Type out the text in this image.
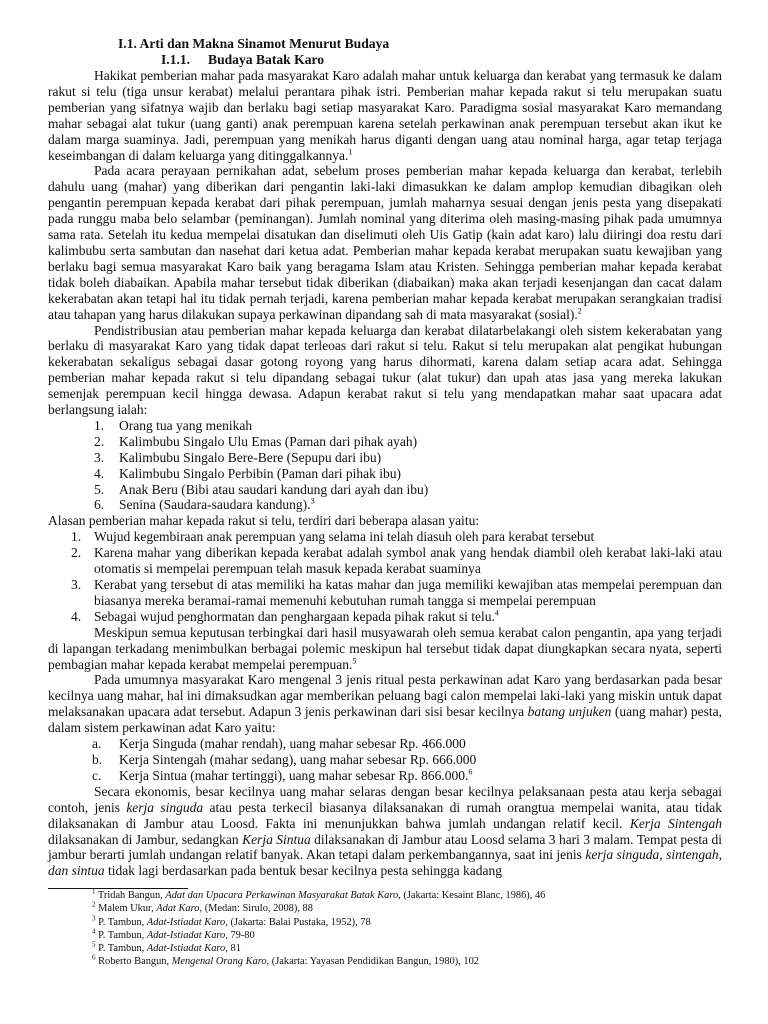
I.1. Arti dan Makna Sinamot Menurut Budaya
I.1.1. Budaya Batak Karo

Hakikat pemberian mahar pada masyarakat Karo adalah mahar untuk keluarga dan kerabat yang termasuk ke dalam rakut si telu (tiga unsur kerabat) melalui perantara pihak istri. Pemberian mahar kepada rakut si telu merupakan suatu pemberian yang sifatnya wajib dan berlaku bagi setiap masyarakat Karo. Paradigma sosial masyarakat Karo memandang mahar sebagai alat tukur (uang ganti) anak perempuan karena setelah perkawinan anak perempuan tersebut akan ikut ke dalam marga suaminya. Jadi, perempuan yang menikah harus diganti dengan uang atau nominal harga, agar tetap terjaga keseimbangan di dalam keluarga yang ditinggalkannya.$^1$

Pada acara perayaan pernikahan adat, sebelum proses pemberian mahar kepada keluarga dan kerabat, terlebih dahulu uang (mahar) yang diberikan dari pengantin laki-laki dimasukkan ke dalam amplop kemudian dibagikan oleh pengantin perempuan kepada kerabat dari pihak perempuan, jumlah maharnya sesuai dengan jenis pesta yang disepakati pada runggu maba belo selambar (peminangan). Jumlah nominal yang diterima oleh masing-masing pihak pada umumnya sama rata. Setelah itu kedua mempelai disatukan dan diselimuti oleh Uis Gatip (kain adat karo) lalu diiringi doa restu dari kalimbubu serta sambutan dan nasehat dari ketua adat. Pemberian mahar kepada kerabat merupakan suatu kewajiban yang berlaku bagi semua masyarakat Karo baik yang beragama Islam atau Kristen. Sehingga pemberian mahar kepada kerabat tidak boleh diabaikan. Apabila mahar tersebut tidak diberikan (diabaikan) maka akan terjadi kesenjangan dan cacat dalam kekerabatan akan tetapi hal itu tidak pernah terjadi, karena pemberian mahar kepada kerabat merupakan serangkaian tradisi atau tahapan yang harus dilakukan supaya perkawinan dipandang sah di mata masyarakat (sosial).$^2$

Pendistribusian atau pemberian mahar kepada keluarga dan kerabat dilatarbelakangi oleh sistem kekerabatan yang berlaku di masyarakat Karo yang tidak dapat terleoas dari rakut si telu. Rakut si telu merupakan alat pengikat hubungan kekerabatan sekaligus sebagai dasar gotong royong yang harus dihormati, karena dalam setiap acara adat. Sehingga pemberian mahar kepada rakut si telu dipandang sebagai tukur (alat tukur) dan upah atas jasa yang mereka lakukan semenjak perempuan kecil hingga dewasa. Adapun kerabat rakut si telu yang mendapatkan mahar saat upacara adat berlangsung ialah:

1. Orang tua yang menikah
2. Kalimbubu Singalo Ulu Emas (Paman dari pihak ayah)
3. Kalimbubu Singalo Bere-Bere (Sepupu dari ibu)
4. Kalimbubu Singalo Perbibin (Paman dari pihak ibu)
5. Anak Beru (Bibi atau saudari kandung dari ayah dan ibu)
6. Senina (Saudara-saudara kandung).$^3$

Alasan pemberian mahar kepada rakut si telu, terdiri dari beberapa alasan yaitu:

1. Wujud kegembiraan anak perempuan yang selama ini telah diasuh oleh para kerabat tersebut
2. Karena mahar yang diberikan kepada kerabat adalah symbol anak yang hendak diambil oleh kerabat laki-laki atau otomatis si mempelai perempuan telah masuk kepada kerabat suaminya
3. Kerabat yang tersebut di atas memiliki ha katas mahar dan juga memiliki kewajiban atas mempelai perempuan dan biasanya mereka beramai-ramai memenuhi kebutuhan rumah tangga si mempelai perempuan
4. Sebagai wujud penghormatan dan penghargaan kepada pihak rakut si telu.$^4$

Meskipun semua keputusan terbingkai dari hasil musyawarah oleh semua kerabat calon pengantin, apa yang terjadi di lapangan terkadang menimbulkan berbagai polemic meskipun hal tersebut tidak dapat diungkapkan secara nyata, seperti pembagian mahar kepada kerabat mempelai perempuan.$^5$

Pada umumnya masyarakat Karo mengenal 3 jenis ritual pesta perkawinan adat Karo yang berdasarkan pada besar kecilnya uang mahar, hal ini dimaksudkan agar memberikan peluang bagi calon mempelai laki-laki yang miskin untuk dapat melaksanakan upacara adat tersebut. Adapun 3 jenis perkawinan dari sisi besar kecilnya batang unjuken (uang mahar) pesta, dalam sistem perkawinan adat Karo yaitu:

a. Kerja Singuda (mahar rendah), uang mahar sebesar Rp. 466.000
b. Kerja Sintengah (mahar sedang), uang mahar sebesar Rp. 666.000
c. Kerja Sintua (mahar tertinggi), uang mahar sebesar Rp. 866.000.$^6$

Secara ekonomis, besar kecilnya uang mahar selaras dengan besar kecilnya pelaksanaan pesta atau kerja sebagai contoh, jenis kerja singuda atau pesta terkecil biasanya dilaksanakan di rumah orangtua mempelai wanita, atau tidak dilaksanakan di Jambur atau Loosd. Fakta ini menunjukkan bahwa jumlah undangan relatif kecil. Kerja Sintengah dilaksanakan di Jambur, sedangkan Kerja Sintua dilaksanakan di Jambur atau Loosd selama 3 hari 3 malam. Tempat pesta di jambur berarti jumlah undangan relatif banyak. Akan tetapi dalam perkembangannya, saat ini jenis kerja singuda, sintengah, dan sintua tidak lagi berdasarkan pada bentuk besar kecilnya pesta sehingga kadang

$^1$ Tridah Bangun, Adat dan Upacara Perkawinan Masyarakat Batak Karo, (Jakarta: Kesaint Blanc, 1986), 46

$^2$ Malem Ukur, Adat Karo, (Medan: Sirulo, 2008), 88

$^3$ P. Tambun, Adat-Istiadat Karo, (Jakarta: Balai Pustaka, 1952), 78

$^4$ P. Tambun, Adat-Istiadat Karo, 79-80

$^5$ P. Tambun, Adat-Istiadat Karo, 81

$^6$ Roberto Bangun, Mengenal Orang Karo, (Jakarta: Yayasan Pendidikan Bangun, 1980), 102
